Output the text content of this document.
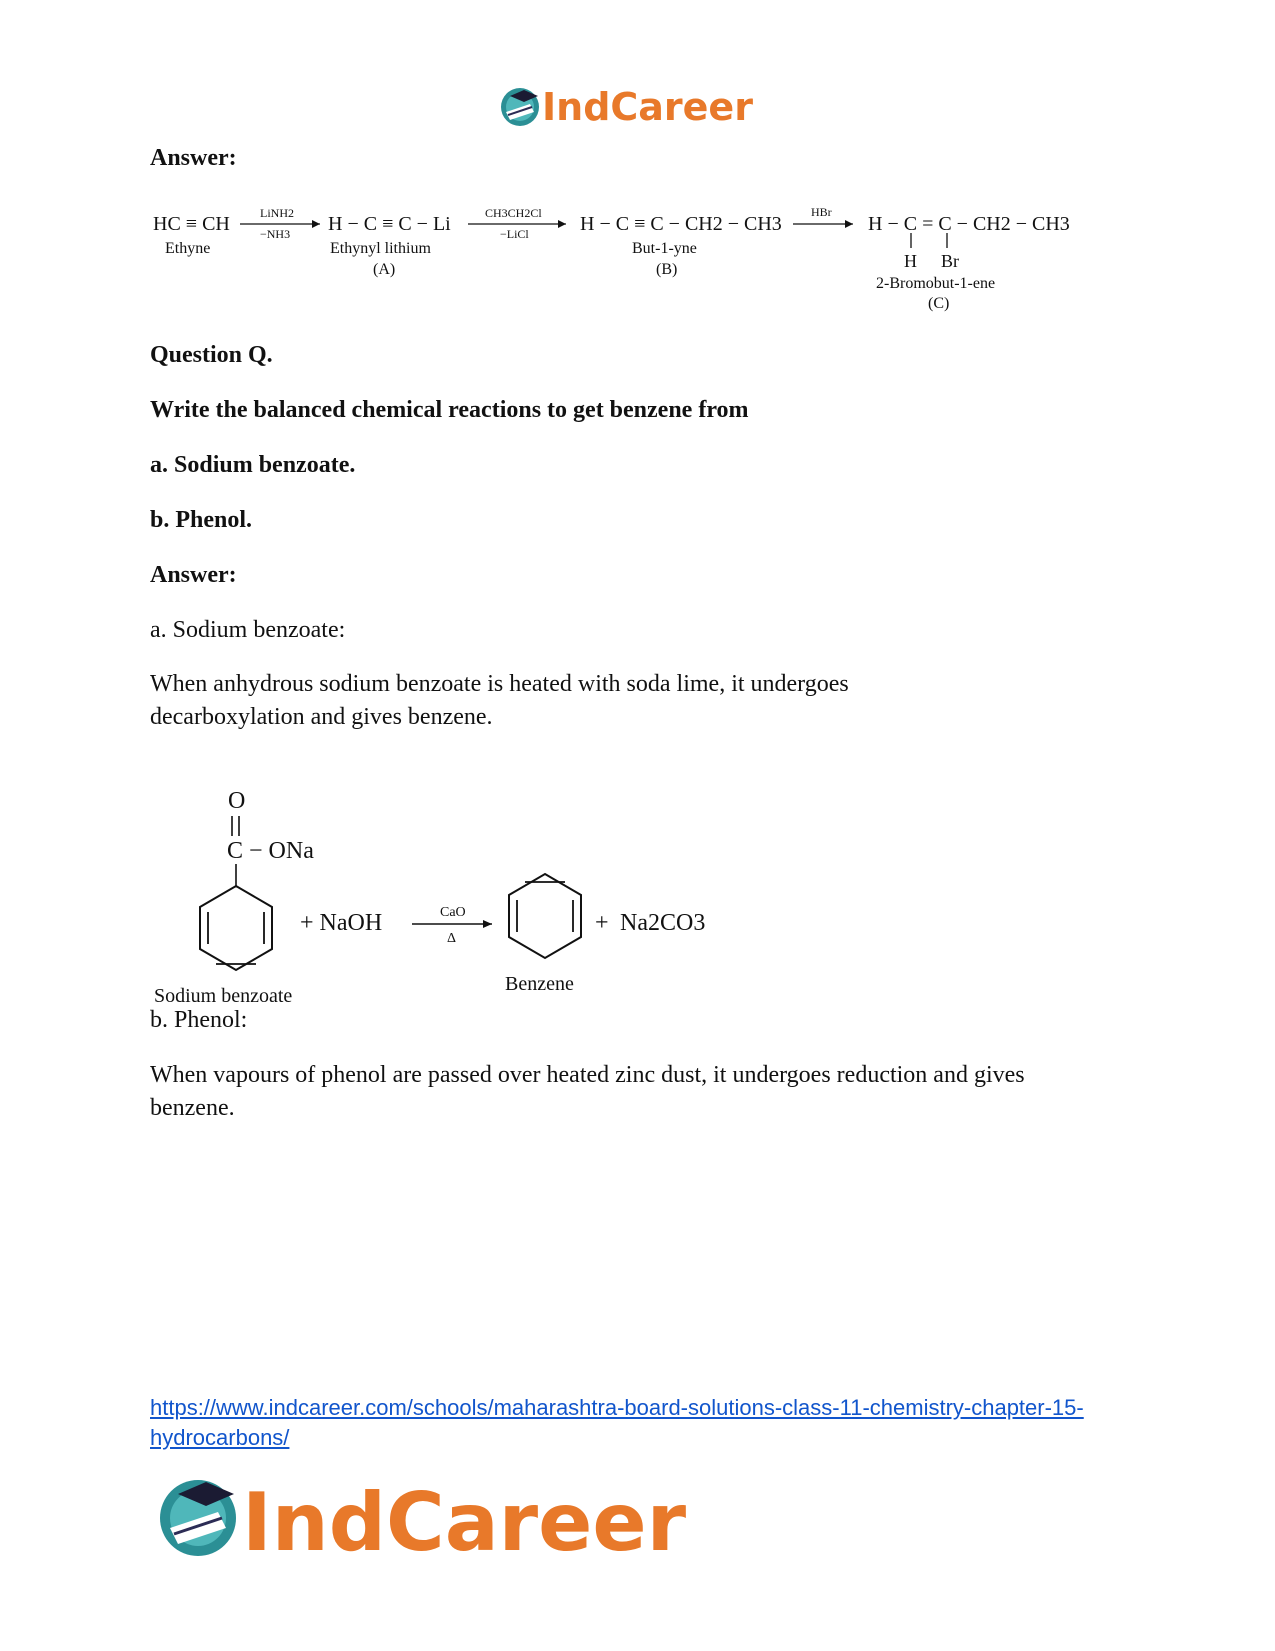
IndCareer
Answer:
HC ≡ CH
Ethyne
LiNH2
−NH3 H − C ≡ C − Li
Ethynyl lithium
(A)
CH3CH2Cl
−LiCl	H − C ≡ C − CH2 − CH3
But-1-yne
(B)
HBr
H − C = C − CH2 − CH3
H Br
2-Bromobut-1-ene
(C)
Question Q.
Write the balanced chemical reactions to get benzene from
a. Sodium benzoate.
b. Phenol.
Answer:
a. Sodium benzoate:
When anhydrous sodium benzoate is heated with soda lime, it undergoes decarboxylation and gives benzene.
O
C − ONa
+ NaOH	CaO
Δ
+ Na2CO3
Sodium benzoate
Benzene
b. Phenol:
When vapours of phenol are passed over heated zinc dust, it undergoes reduction and gives benzene.
https://www.indcareer.com/schools/maharashtra-board-solutions-class-11-chemistry-chapter-15-hydrocarbons/
IndCareer
